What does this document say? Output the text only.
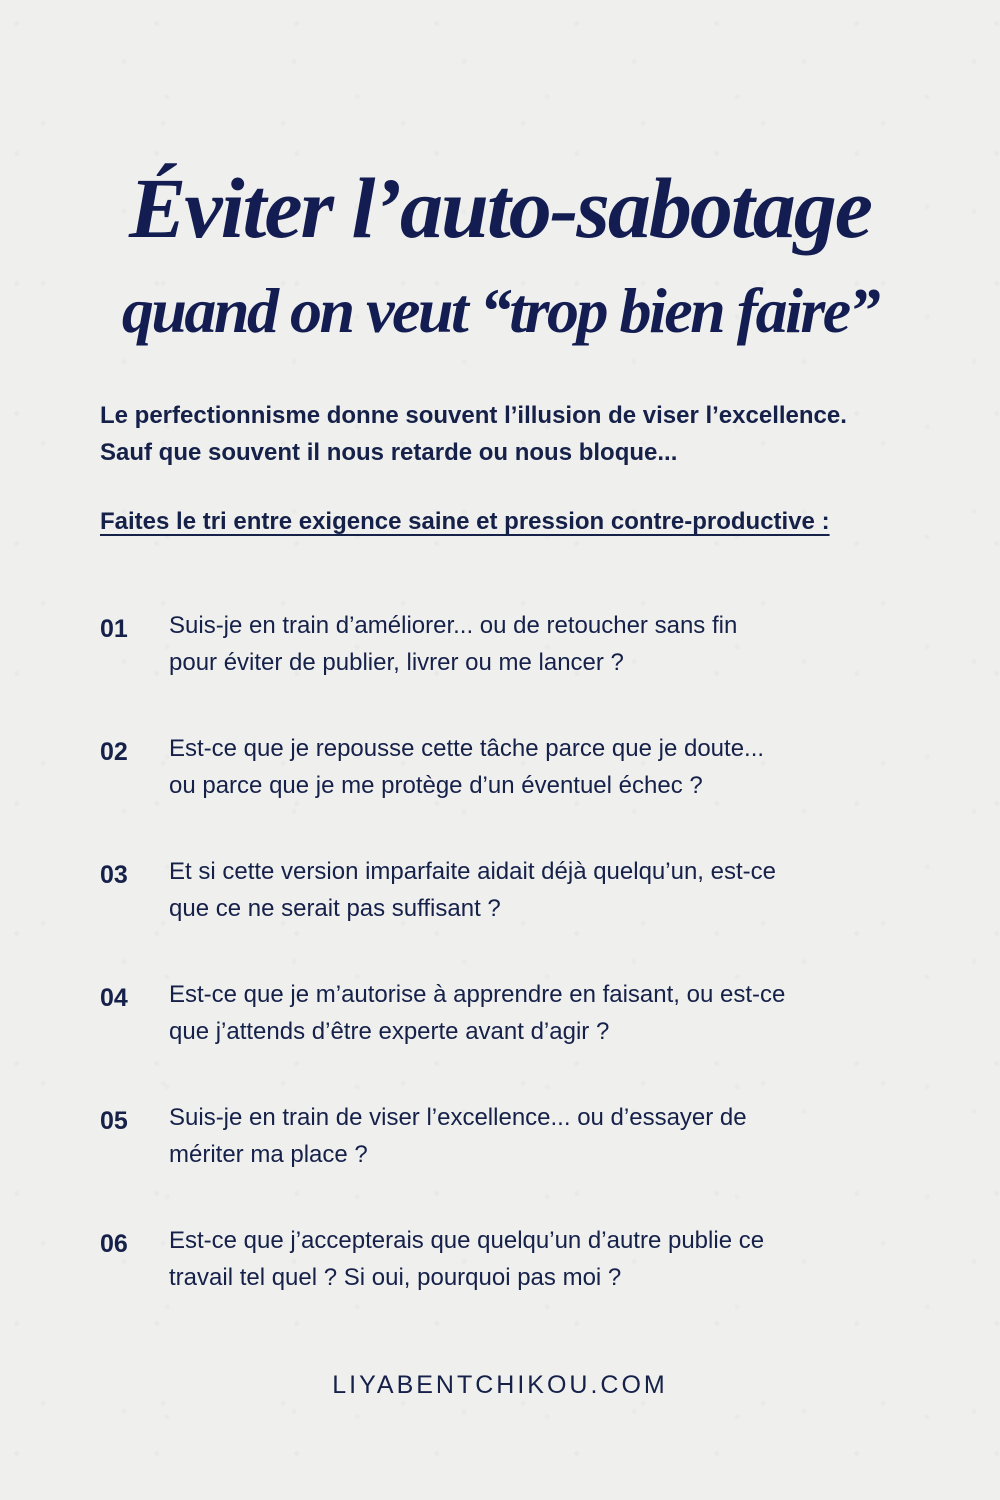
Éviter l’auto-sabotage
quand on veut “trop bien faire”

Le perfectionnisme donne souvent l’illusion de viser l’excellence.
Sauf que souvent il nous retarde ou nous bloque...

Faites le tri entre exigence saine et pression contre-productive :

01 Suis-je en train d’améliorer... ou de retoucher sans fin
pour éviter de publier, livrer ou me lancer ?
02 Est-ce que je repousse cette tâche parce que je doute...
ou parce que je me protège d’un éventuel échec ?
03 Et si cette version imparfaite aidait déjà quelqu’un, est-ce
que ce ne serait pas suffisant ?
04 Est-ce que je m’autorise à apprendre en faisant, ou est-ce
que j’attends d’être experte avant d’agir ?
05 Suis-je en train de viser l’excellence... ou d’essayer de
mériter ma place ?
06 Est-ce que j’accepterais que quelqu’un d’autre publie ce
travail tel quel ? Si oui, pourquoi pas moi ?
LIYABENTCHIKOU.COM
